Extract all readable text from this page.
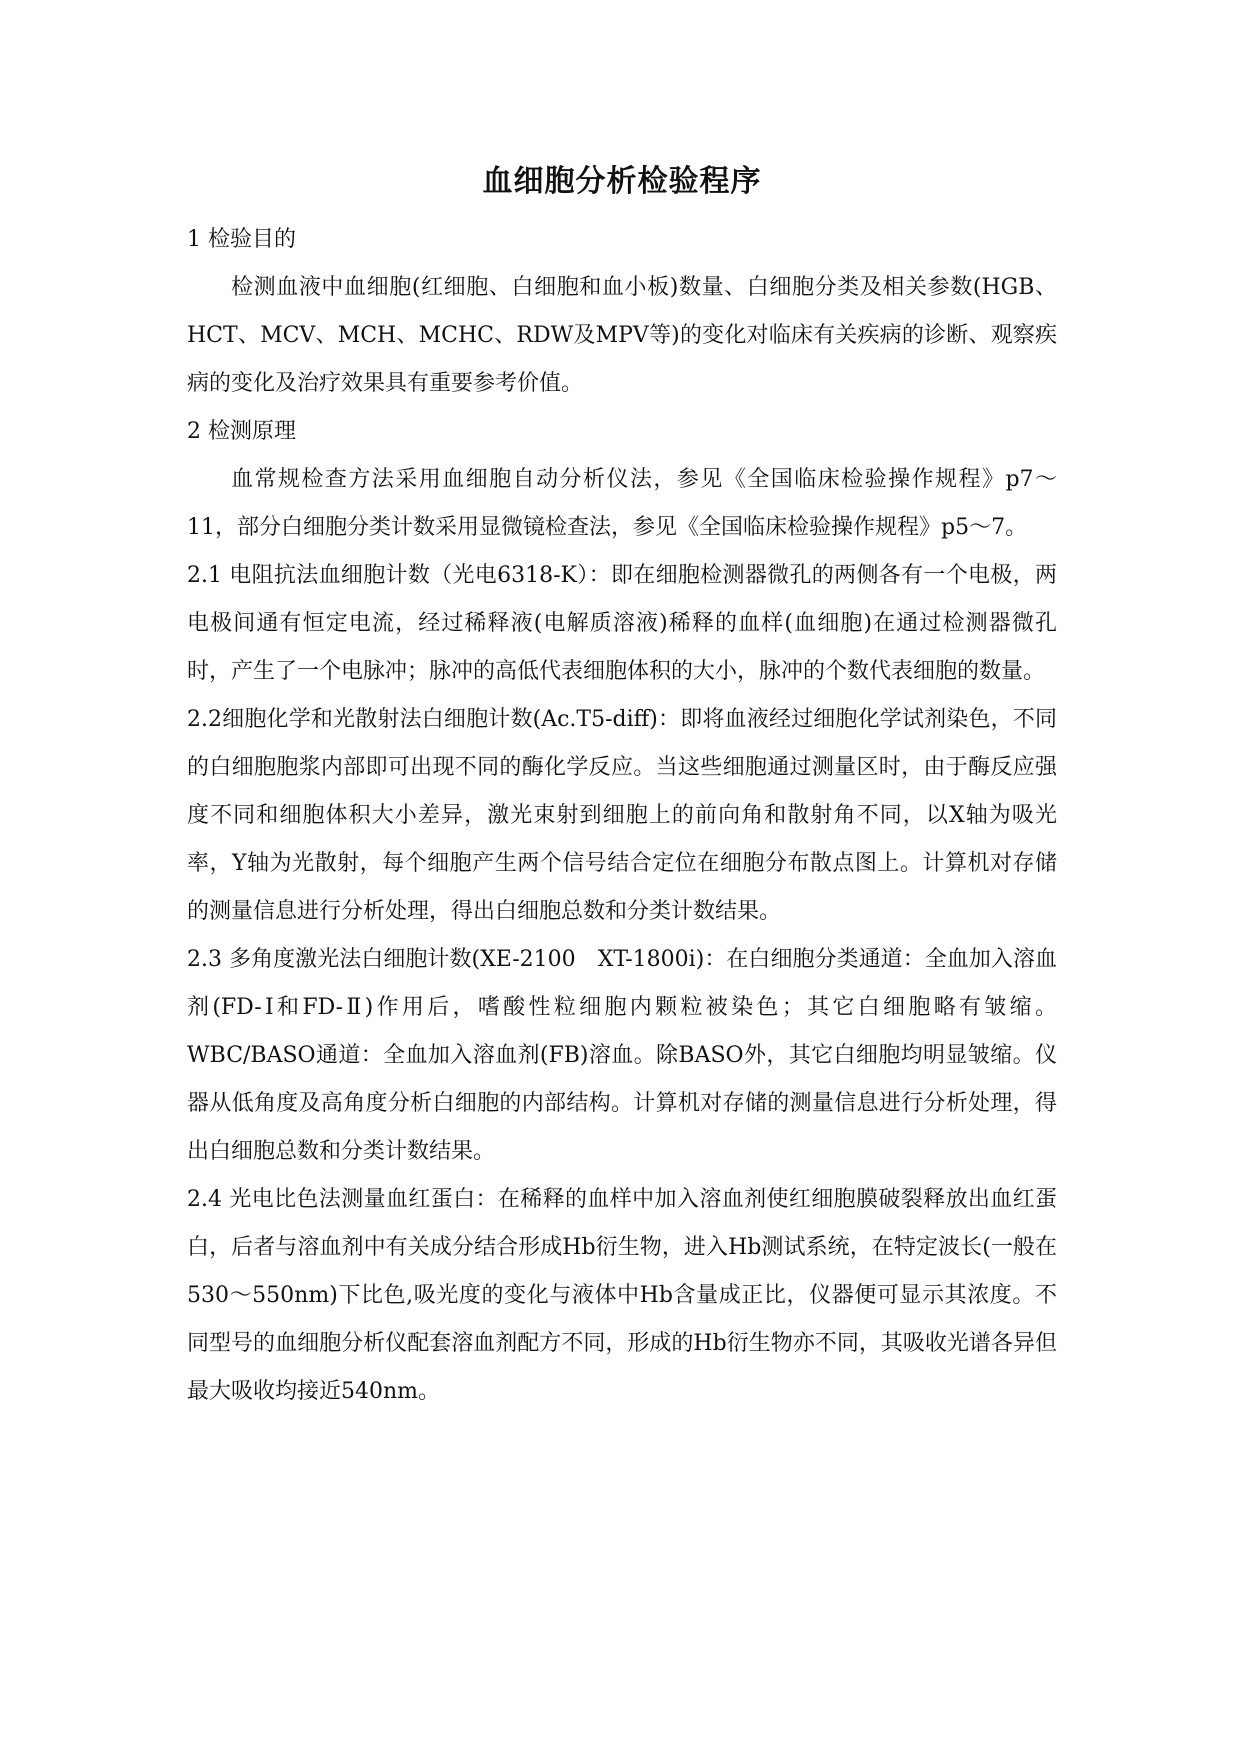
血细胞分析检验程序

1 检验目的

检测血液中血细胞(红细胞、白细胞和血小板)数量、白细胞分类及相关参数(HGB、HCT、MCV、MCH、MCHC、RDW及MPV等)的变化对临床有关疾病的诊断、观察疾病的变化及治疗效果具有重要参考价值。

2 检测原理

血常规检查方法采用血细胞自动分析仪法，参见《全国临床检验操作规程》p7～11，部分白细胞分类计数采用显微镜检查法，参见《全国临床检验操作规程》p5～7。

2.1 电阻抗法血细胞计数（光电6318-K）：即在细胞检测器微孔的两侧各有一个电极，两电极间通有恒定电流，经过稀释液(电解质溶液)稀释的血样(血细胞)在通过检测器微孔时，产生了一个电脉冲；脉冲的高低代表细胞体积的大小，脉冲的个数代表细胞的数量。

2.2细胞化学和光散射法白细胞计数(Ac.T5-diff)：即将血液经过细胞化学试剂染色，不同的白细胞胞浆内部即可出现不同的酶化学反应。当这些细胞通过测量区时，由于酶反应强度不同和细胞体积大小差异，激光束射到细胞上的前向角和散射角不同，以X轴为吸光率，Y轴为光散射，每个细胞产生两个信号结合定位在细胞分布散点图上。计算机对存储的测量信息进行分析处理，得出白细胞总数和分类计数结果。

2.3 多角度激光法白细胞计数(XE-2100　XT-1800i)：在白细胞分类通道：全血加入溶血剂(FD-Ⅰ和FD-Ⅱ)作用后，嗜酸性粒细胞内颗粒被染色；其它白细胞略有皱缩。WBC/BASO通道：全血加入溶血剂(FB)溶血。除BASO外，其它白细胞均明显皱缩。仪器从低角度及高角度分析白细胞的内部结构。计算机对存储的测量信息进行分析处理，得出白细胞总数和分类计数结果。

2.4 光电比色法测量血红蛋白：在稀释的血样中加入溶血剂使红细胞膜破裂释放出血红蛋白，后者与溶血剂中有关成分结合形成Hb衍生物，进入Hb测试系统，在特定波长(一般在530～550nm)下比色,吸光度的变化与液体中Hb含量成正比，仪器便可显示其浓度。不同型号的血细胞分析仪配套溶血剂配方不同，形成的Hb衍生物亦不同，其吸收光谱各异但最大吸收均接近540nm。
